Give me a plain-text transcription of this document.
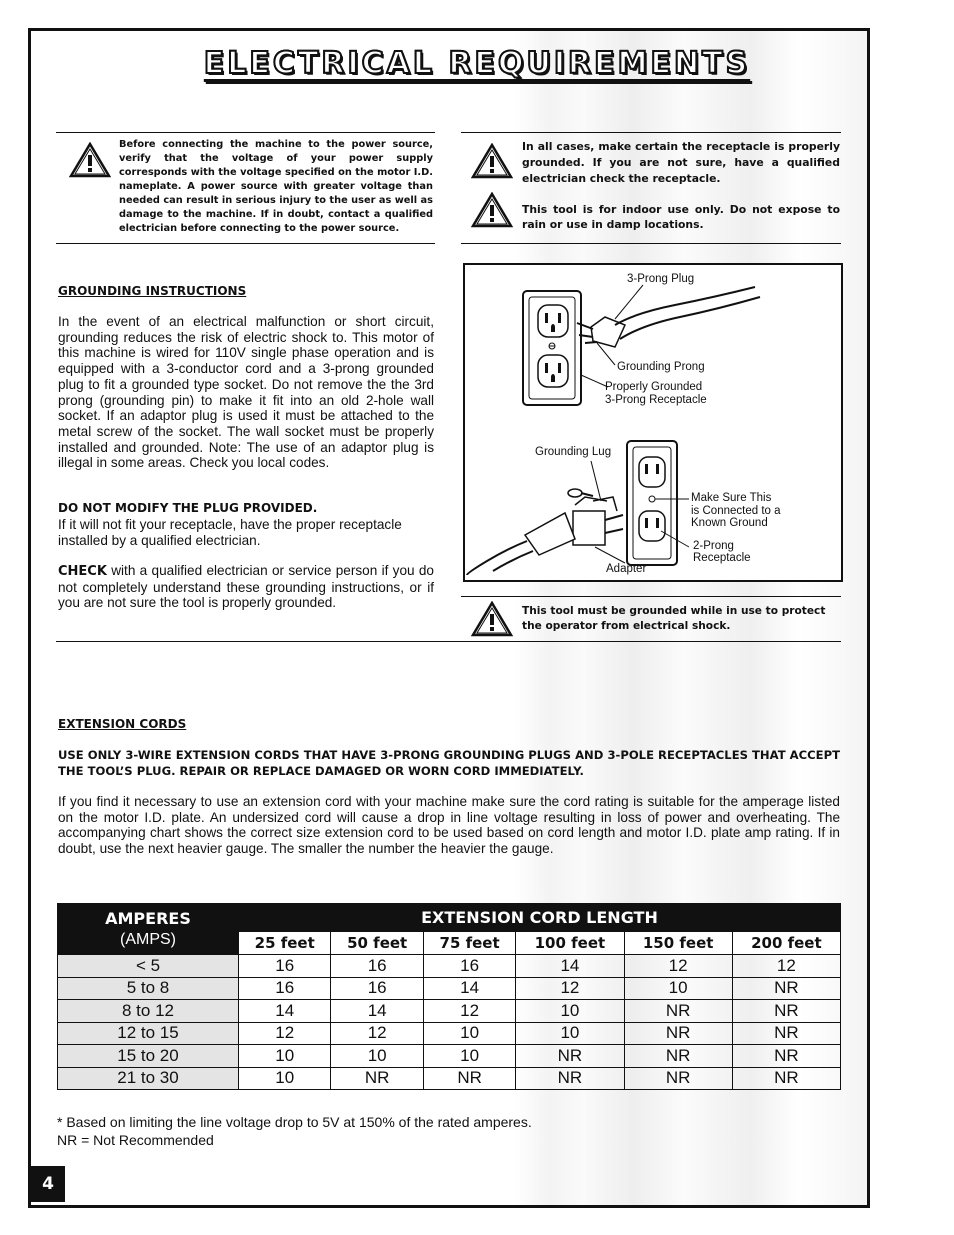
ELECTRICAL REQUIREMENTS
Before connecting the machine to the power source, verify that the voltage of your power supply corresponds with the voltage specified on the motor I.D. nameplate. A power source with greater voltage than needed can result in serious injury to the user as well as damage to the machine. If in doubt, contact a qualified electrician before connecting to the power source.
In all cases, make certain the receptacle is properly grounded. If you are not sure, have a qualified electrician check the receptacle.
This tool is for indoor use only. Do not expose to rain or use in damp locations.
GROUNDING INSTRUCTIONS
In the event of an electrical malfunction or short circuit, grounding reduces the risk of electric shock to. This motor of this machine is wired for 110V single phase operation and is equipped with a 3-conductor cord and a 3-prong grounded plug to fit a grounded type socket. Do not remove the the 3rd prong (grounding pin) to make it fit into an old 2-hole wall socket. If an adaptor plug is used it must be attached to the metal screw of the socket. The wall socket must be properly installed and grounded. Note: The use of an adaptor plug is illegal in some areas. Check you local codes.
DO NOT MODIFY THE PLUG PROVIDED.
If it will not fit your receptacle, have the proper receptacle installed by a qualified electrician.
CHECK with a qualified electrician or service person if you do not completely understand these grounding instructions, or if you are not sure the tool is properly grounded.
3-Prong Plug
Grounding Prong
Properly Grounded
3-Prong Receptacle
Grounding Lug
Make Sure This
is Connected to a
Known Ground
2-Prong
Receptacle
Adapter
This tool must be grounded while in use to protect the operator from electrical shock.
EXTENSION CORDS
USE ONLY 3-WIRE EXTENSION CORDS THAT HAVE 3-PRONG GROUNDING PLUGS AND 3-POLE RECEPTACLES THAT ACCEPT THE TOOL’S PLUG. REPAIR OR REPLACE DAMAGED OR WORN CORD IMMEDIATELY.
If you find it necessary to use an extension cord with your machine make sure the cord rating is suitable for the amperage listed on the motor I.D. plate. An undersized cord will cause a drop in line voltage resulting in loss of power and overheating. The accompanying chart shows the correct size extension cord to be used based on cord length and motor I.D. plate amp rating. If in doubt, use the next heavier gauge. The smaller the number the heavier the gauge.
AMPERES
(AMPS)	EXTENSION CORD LENGTH					
	25 feet	50 feet	75 feet	100 feet	150 feet	200 feet
< 5	16	16	16	14	12	12
5 to 8	16	16	14	12	10	NR
8 to 12	14	14	12	10	NR	NR
12 to 15	12	12	10	10	NR	NR
15 to 20	10	10	10	NR	NR	NR
21 to 30	10	NR	NR	NR	NR	NR
* Based on limiting the line voltage drop to 5V at 150% of the rated amperes.
NR = Not Recommended
4
